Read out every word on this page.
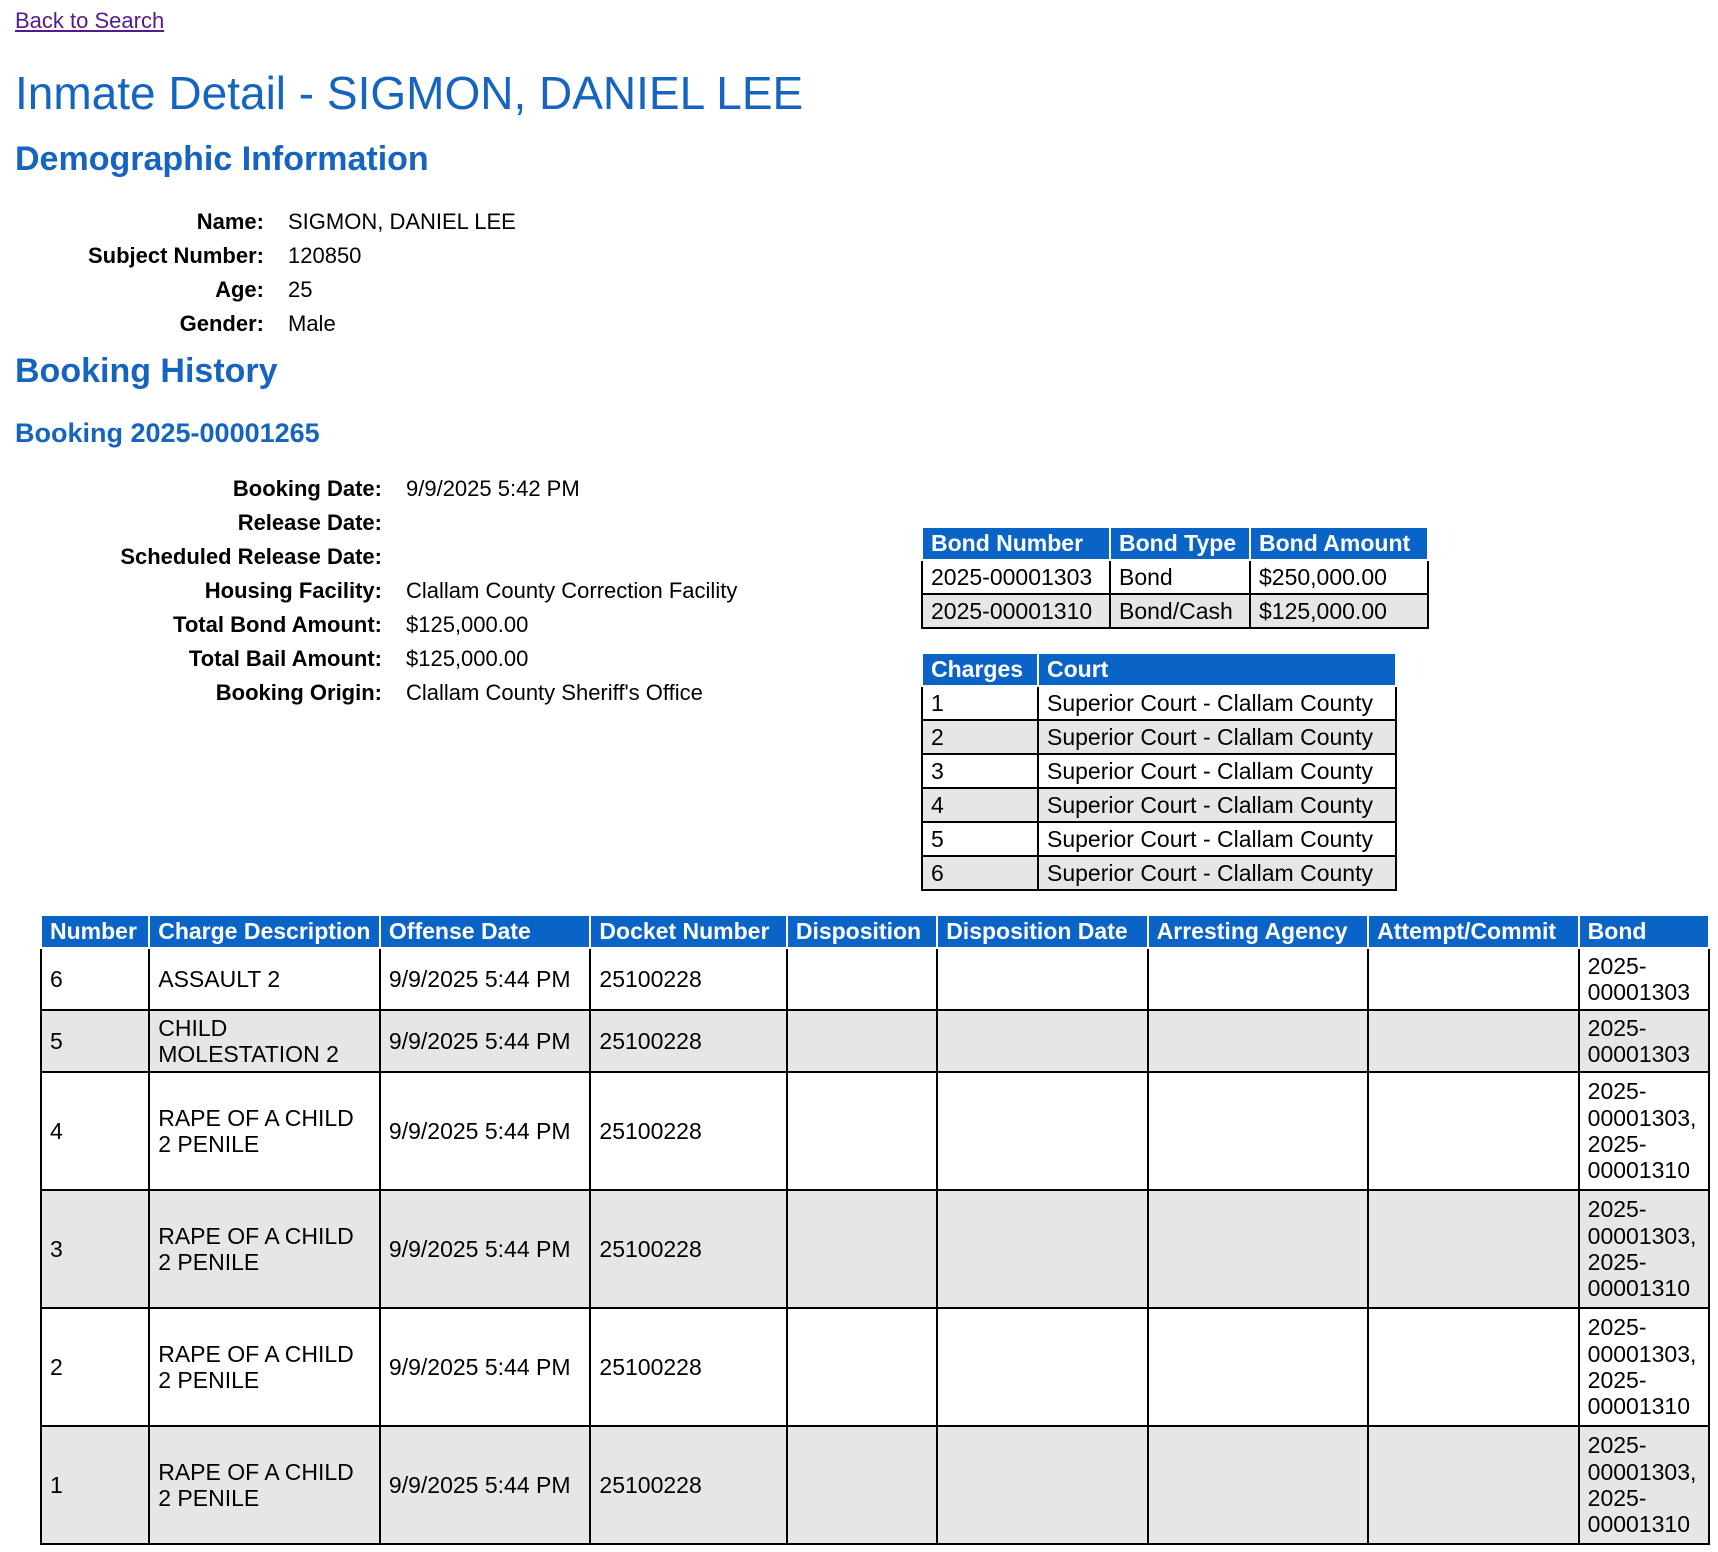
Back to Search
Inmate Detail - SIGMON, DANIEL LEE
Demographic Information
Name:	SIGMON, DANIEL LEE
Subject Number:	120850
Age:	25
Gender:	Male
Booking History
Booking 2025-00001265
Booking Date:	9/9/2025 5:42 PM
Release Date:
Scheduled Release Date:
Housing Facility:	Clallam County Correction Facility
Total Bond Amount:	$125,000.00
Total Bail Amount:	$125,000.00
Booking Origin:	Clallam County Sheriff's Office
Bond Number	Bond Type	Bond Amount
2025-00001303	Bond	$250,000.00
2025-00001310	Bond/Cash	$125,000.00
Charges	Court
1	Superior Court - Clallam County
2	Superior Court - Clallam County
3	Superior Court - Clallam County
4	Superior Court - Clallam County
5	Superior Court - Clallam County
6	Superior Court - Clallam County
Number	Charge Description	Offense Date	Docket Number	Disposition	Disposition Date	Arresting Agency	Attempt/Commit	Bond
6	ASSAULT 2	9/9/2025 5:44 PM	25100228					2025-
00001303
5	CHILD
MOLESTATION 2	9/9/2025 5:44 PM	25100228					2025-
00001303
4	RAPE OF A CHILD
2 PENILE	9/9/2025 5:44 PM	25100228					2025-
00001303,
2025-
00001310
3	RAPE OF A CHILD
2 PENILE	9/9/2025 5:44 PM	25100228					2025-
00001303,
2025-
00001310
2	RAPE OF A CHILD
2 PENILE	9/9/2025 5:44 PM	25100228					2025-
00001303,
2025-
00001310
1	RAPE OF A CHILD
2 PENILE	9/9/2025 5:44 PM	25100228					2025-
00001303,
2025-
00001310
